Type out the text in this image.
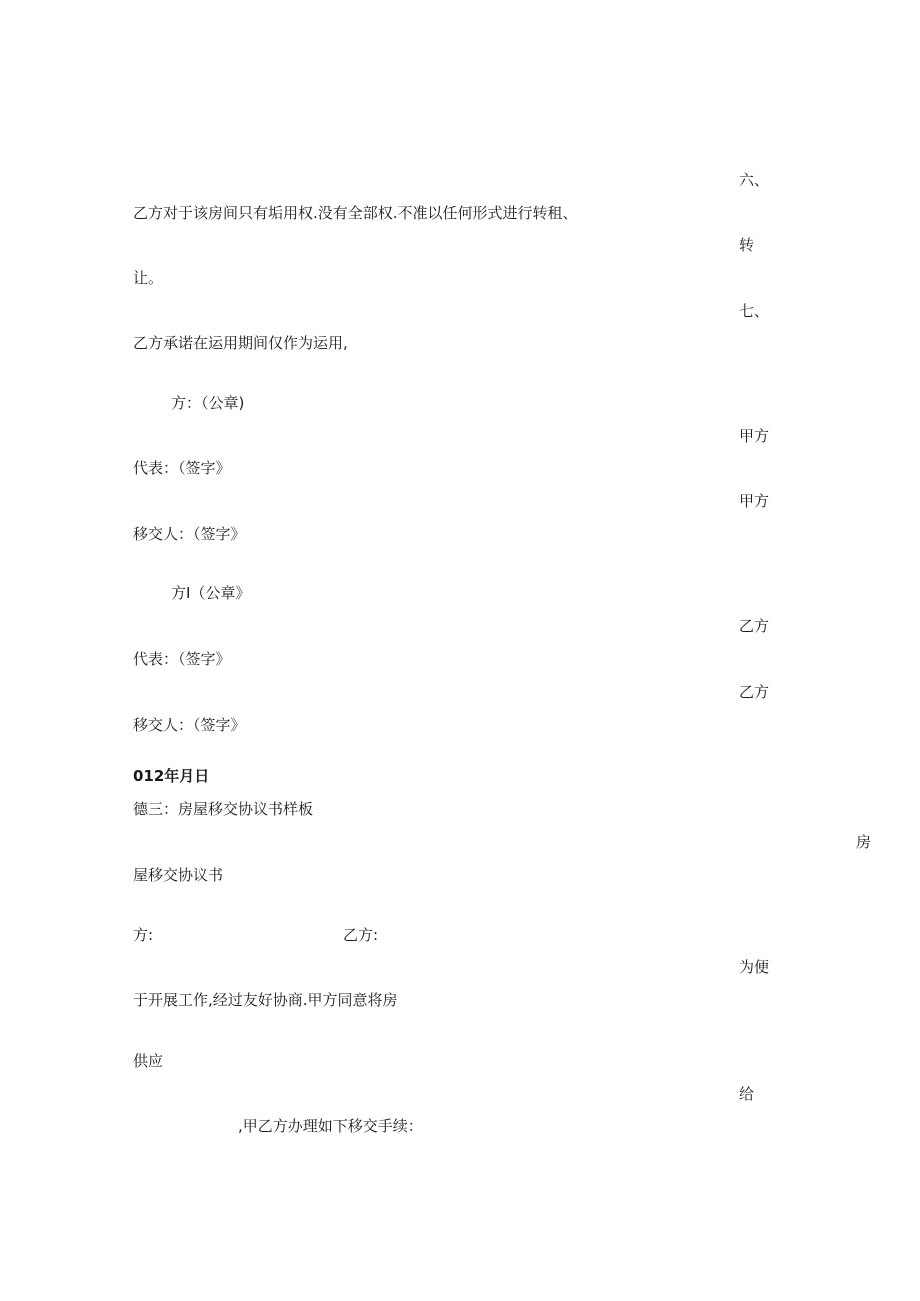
六、
乙方对于该房间只有垢用权.没有全部权.不准以任何形式进行转租、
转
让。
七、
乙方承诺在运用期间仅作为运用,
方：（公章)
甲方
代表：（签字》
甲方
移交人：（签字》
方I（公章》
乙方
代表：（签字》
乙方
移交人：（签字》
012年月日
德三：房屋移交协议书样板
房
屋移交协议书
方:	乙方:
为便
于开展工作,经过友好协商.甲方同意将房
供应
给
,甲乙方办理如下移交手续：
